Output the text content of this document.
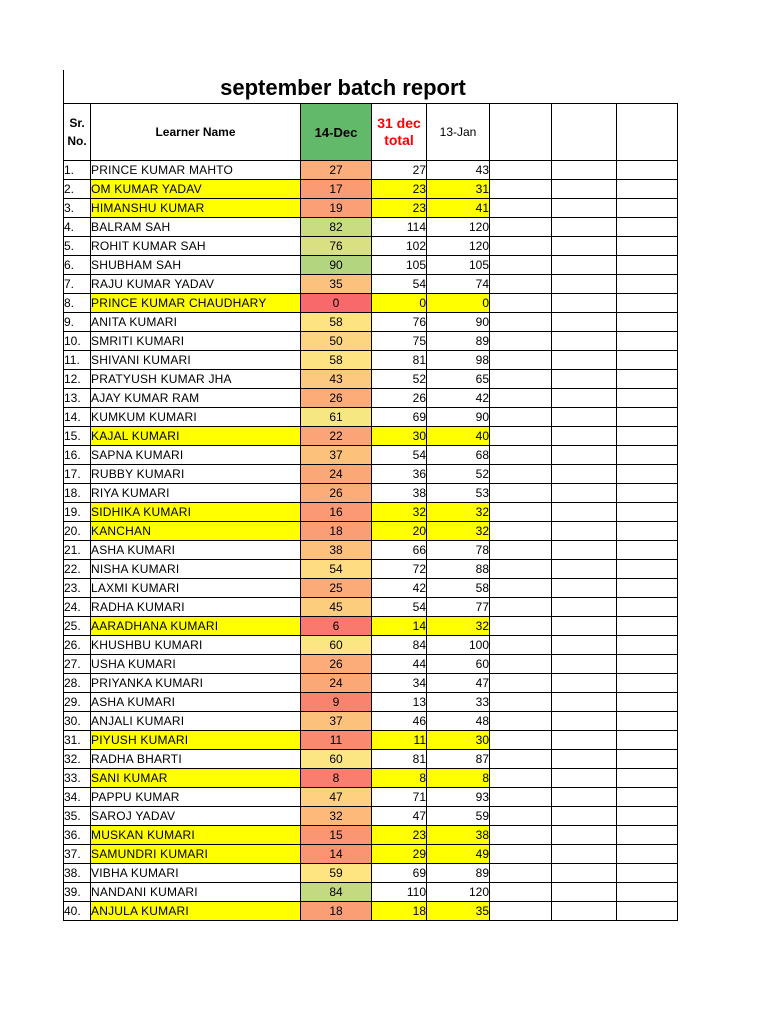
september batch report
Sr.
No.	Learner Name	14-Dec	31 dec
total	13-Jan			
1.	PRINCE KUMAR MAHTO	27	27	43			
2.	OM KUMAR YADAV	17	23	31			
3.	HIMANSHU KUMAR	19	23	41			
4.	BALRAM SAH	82	114	120			
5.	ROHIT KUMAR SAH	76	102	120			
6.	SHUBHAM SAH	90	105	105			
7.	RAJU KUMAR YADAV	35	54	74			
8.	PRINCE KUMAR CHAUDHARY	0	0	0			
9.	ANITA KUMARI	58	76	90			
10.	SMRITI KUMARI	50	75	89			
11.	SHIVANI KUMARI	58	81	98			
12.	PRATYUSH KUMAR JHA	43	52	65			
13.	AJAY KUMAR RAM	26	26	42			
14.	KUMKUM KUMARI	61	69	90			
15.	KAJAL KUMARI	22	30	40			
16.	SAPNA KUMARI	37	54	68			
17.	RUBBY KUMARI	24	36	52			
18.	RIYA KUMARI	26	38	53			
19.	SIDHIKA KUMARI	16	32	32			
20.	KANCHAN	18	20	32			
21.	ASHA KUMARI	38	66	78			
22.	NISHA KUMARI	54	72	88			
23.	LAXMI KUMARI	25	42	58			
24.	RADHA KUMARI	45	54	77			
25.	AARADHANA KUMARI	6	14	32			
26.	KHUSHBU KUMARI	60	84	100			
27.	USHA KUMARI	26	44	60			
28.	PRIYANKA KUMARI	24	34	47			
29.	ASHA KUMARI	9	13	33			
30.	ANJALI KUMARI	37	46	48			
31.	PIYUSH KUMARI	11	11	30			
32.	RADHA BHARTI	60	81	87			
33.	SANI KUMAR	8	8	8			
34.	PAPPU KUMAR	47	71	93			
35.	SAROJ YADAV	32	47	59			
36.	MUSKAN KUMARI	15	23	38			
37.	SAMUNDRI KUMARI	14	29	49			
38.	VIBHA KUMARI	59	69	89			
39.	NANDANI KUMARI	84	110	120			
40.	ANJULA KUMARI	18	18	35			
